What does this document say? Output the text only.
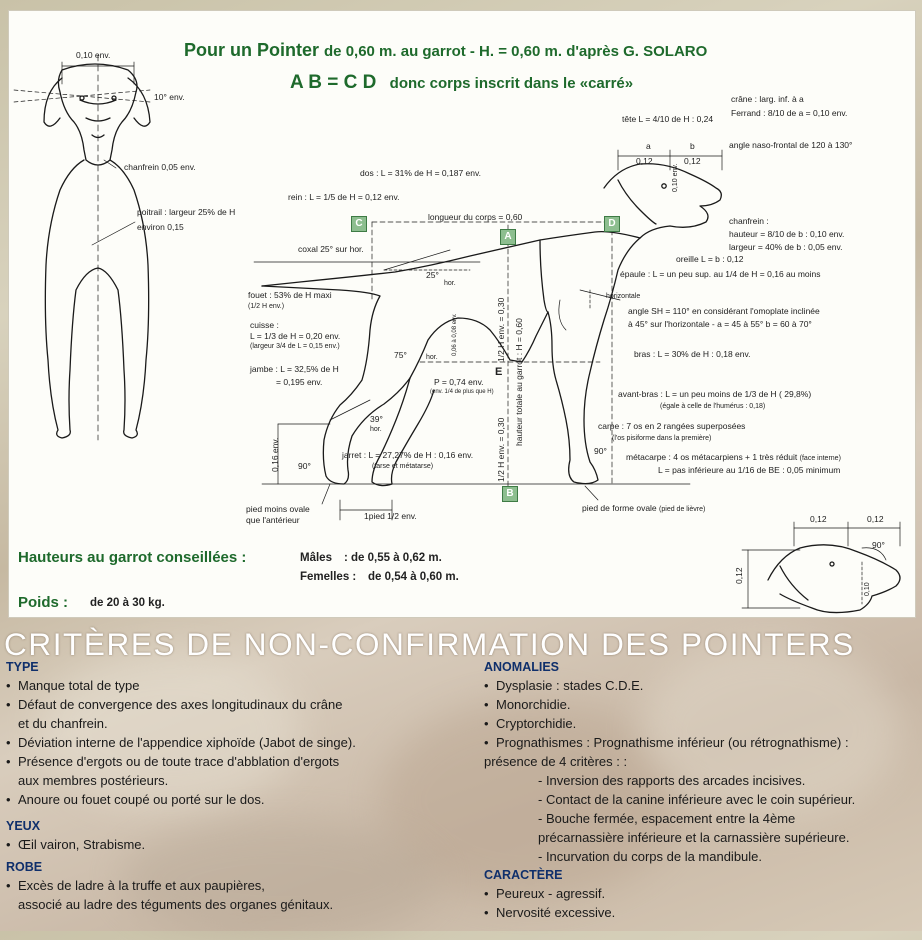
Pour un Pointer de 0,60 m. au garrot - H. = 0,60 m. d'après G. SOLARO
A B = C D donc corps inscrit dans le «carré»
0,10 env.
10° env.
chanfrein 0,05 env.
poitrail : largeur 25% de H
environ 0,15
crâne : larg. inf. à a
Ferrand : 8/10 de a = 0,10 env.
tête L = 4/10 de H : 0,24
a	b
0,12	0,12
angle naso-frontal de 120 à 130°
dos : L = 31% de H = 0,187 env.
rein : L = 1/5 de H = 0,12 env.
longueur du corps = 0,60	chanfrein :
hauteur = 8/10 de b : 0,10 env.
largeur = 40% de b : 0,05 env.
0,10 env.
oreille L = b : 0,12
coxal 25° sur hor.
25°
hor.
épaule : L = un peu sup. au 1/4 de H = 0,16 au moins
horizontale
fouet : 53% de H maxi
(1/2 H env.)	angle SH = 110° en considérant l'omoplate inclinée
à 45° sur l'horizontale - a = 45 à 55° b = 60 à 70°
cuisse :
L = 1/3 de H = 0,20 env.
(largeur 3/4 de L = 0,15 env.)
75°	hor.
0,06 à 0,08 env.	bras : L = 30% de H : 0,18 env.
jambe : L = 32,5% de H
= 0,195 env.	P = 0,74 env.
(env. 1/4 de plus que H)	avant-bras : L = un peu moins de 1/3 de H ( 29,8%)
(égale à celle de l'humérus : 0,18)
39°
hor.	carpe : 7 os en 2 rangées superposées
(l'os pisiforme dans la première)
0,16 env. 90°
jarret : L = 27,27% de H : 0,16 env.
(tarse et métatarse)
90°
métacarpe : 4 os métacarpiens + 1 très réduit (face interne)
L = pas inférieure au 1/16 de BE : 0,05 minimum
pied moins ovale
que l'antérieur	1pied 1/2 env.
pied de forme ovale (pied de lièvre)
1/2 H env. = 0,30 hauteur totale au garrot : H = 0,60
1/2 H env. = 0,30
A
B
C	D
E
0,12	0,12
0,12
90°
0,10
Hauteurs au garrot conseillées :	Mâles : de 0,55 à 0,62 m.
Femelles : de 0,54 à 0,60 m.
Poids : de 20 à 30 kg.
CRITÈRES DE NON-CONFIRMATION DES POINTERS
TYPE
• Manque total de type
• Défaut de convergence des axes longitudinaux du crâne
et du chanfrein.
• Déviation interne de l'appendice xiphoïde (Jabot de singe).
• Présence d'ergots ou de toute trace d'abblation d'ergots
aux membres postérieurs.
• Anoure ou fouet coupé ou porté sur le dos.
YEUX
• Œil vairon, Strabisme.
ROBE
• Excès de ladre à la truffe et aux paupières,
associé au ladre des téguments des organes génitaux.
ANOMALIES
• Dysplasie : stades C.D.E.
• Monorchidie.
• Cryptorchidie.
• Prognathismes : Prognathisme inférieur (ou rétrognathisme) :
présence de 4 critères : :
- Inversion des rapports des arcades incisives.
- Contact de la canine inférieure avec le coin supérieur.
- Bouche fermée, espacement entre la 4ème
précarnassière inférieure et la carnassière supérieure.
- Incurvation du corps de la mandibule.
CARACTÈRE
• Peureux - agressif.
• Nervosité excessive.
